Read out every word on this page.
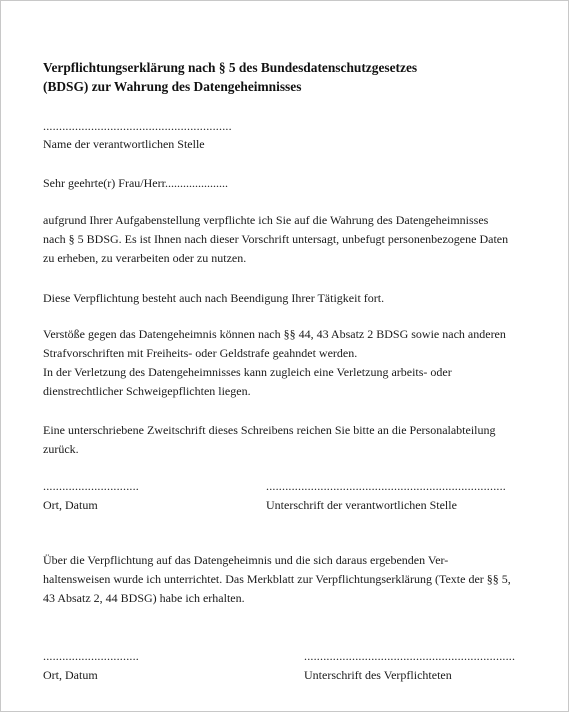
Verpflichtungserklärung nach § 5 des Bundesdatenschutzgesetzes
(BDSG) zur Wahrung des Datengeheimnisses
...........................................................
Name der verantwortlichen Stelle
Sehr geehrte(r) Frau/Herr.....................
aufgrund Ihrer Aufgabenstellung verpflichte ich Sie auf die Wahrung des Datengeheimnisses
nach § 5 BDSG. Es ist Ihnen nach dieser Vorschrift untersagt, unbefugt personenbezogene Daten
zu erheben, zu verarbeiten oder zu nutzen.
Diese Verpflichtung besteht auch nach Beendigung Ihrer Tätigkeit fort.
Verstöße gegen das Datengeheimnis können nach §§ 44, 43 Absatz 2 BDSG sowie nach anderen
Strafvorschriften mit Freiheits- oder Geldstrafe geahndet werden.
In der Verletzung des Datengeheimnisses kann zugleich eine Verletzung arbeits- oder
dienstrechtlicher Schweigepflichten liegen.
Eine unterschriebene Zweitschrift dieses Schreibens reichen Sie bitte an die Personalabteilung
zurück.
..............................
Ort, Datum
...........................................................................
Unterschrift der verantwortlichen Stelle
Über die Verpflichtung auf das Datengeheimnis und die sich daraus ergebenden Ver-
haltensweisen wurde ich unterrichtet. Das Merkblatt zur Verpflichtungserklärung (Texte der §§ 5,
43 Absatz 2, 44 BDSG) habe ich erhalten.
..............................
Ort, Datum
..................................................................
Unterschrift des Verpflichteten
